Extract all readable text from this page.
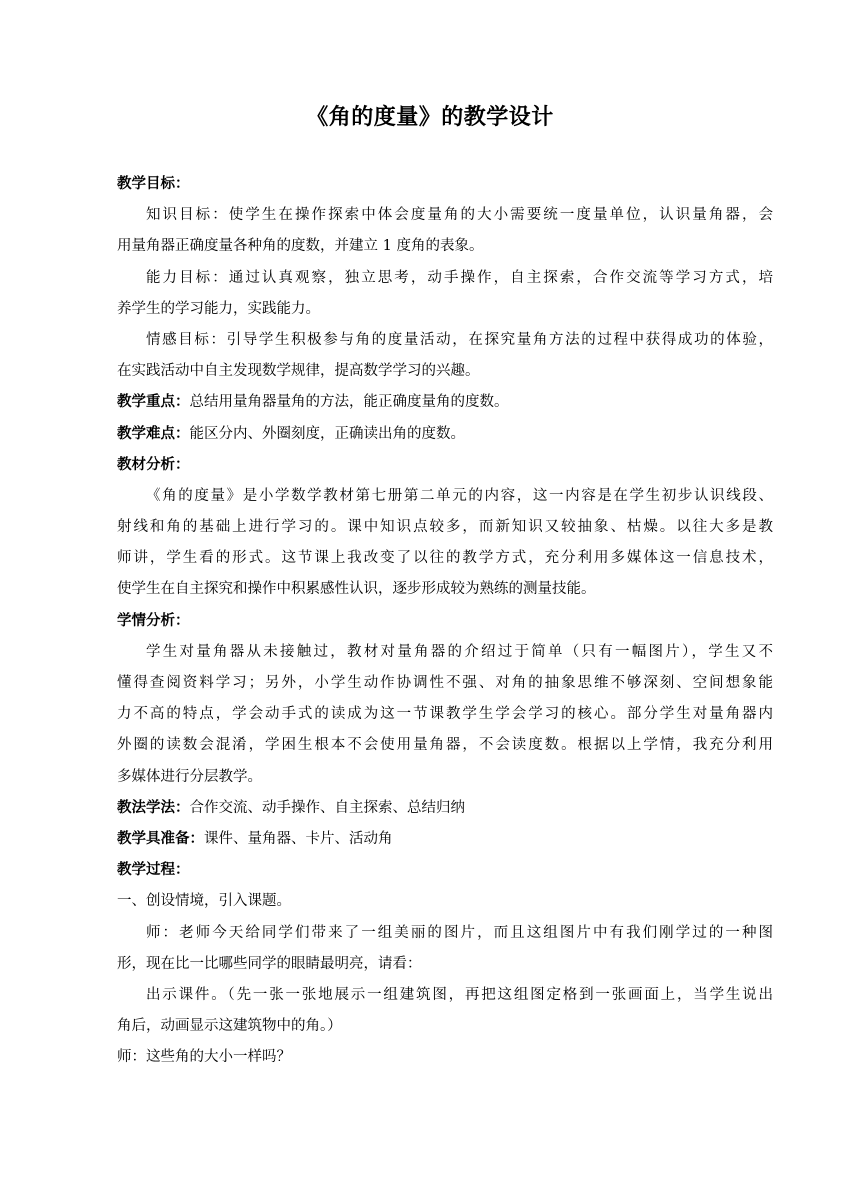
《角的度量》的教学设计
教学目标：
知识目标：使学生在操作探索中体会度量角的大小需要统一度量单位，认识量角器，会
用量角器正确度量各种角的度数，并建立 1 度角的表象。
能力目标：通过认真观察，独立思考，动手操作，自主探索，合作交流等学习方式，培
养学生的学习能力，实践能力。
情感目标：引导学生积极参与角的度量活动，在探究量角方法的过程中获得成功的体验，
在实践活动中自主发现数学规律，提高数学学习的兴趣。
教学重点：总结用量角器量角的方法，能正确度量角的度数。
教学难点：能区分内、外圈刻度，正确读出角的度数。
教材分析：
《角的度量》是小学数学教材第七册第二单元的内容，这一内容是在学生初步认识线段、
射线和角的基础上进行学习的。课中知识点较多，而新知识又较抽象、枯燥。以往大多是教
师讲，学生看的形式。这节课上我改变了以往的教学方式，充分利用多媒体这一信息技术，
使学生在自主探究和操作中积累感性认识，逐步形成较为熟练的测量技能。
学情分析：
学生对量角器从未接触过，教材对量角器的介绍过于简单（只有一幅图片），学生又不
懂得查阅资料学习；另外，小学生动作协调性不强、对角的抽象思维不够深刻、空间想象能
力不高的特点，学会动手式的读成为这一节课教学生学会学习的核心。部分学生对量角器内
外圈的读数会混淆，学困生根本不会使用量角器，不会读度数。根据以上学情，我充分利用
多媒体进行分层教学。
教法学法：合作交流、动手操作、自主探索、总结归纳
教学具准备：课件、量角器、卡片、活动角
教学过程：
一、创设情境，引入课题。
师：老师今天给同学们带来了一组美丽的图片，而且这组图片中有我们刚学过的一种图
形，现在比一比哪些同学的眼睛最明亮，请看：
出示课件。（先一张一张地展示一组建筑图，再把这组图定格到一张画面上，当学生说出
角后，动画显示这建筑物中的角。）
师：这些角的大小一样吗？
